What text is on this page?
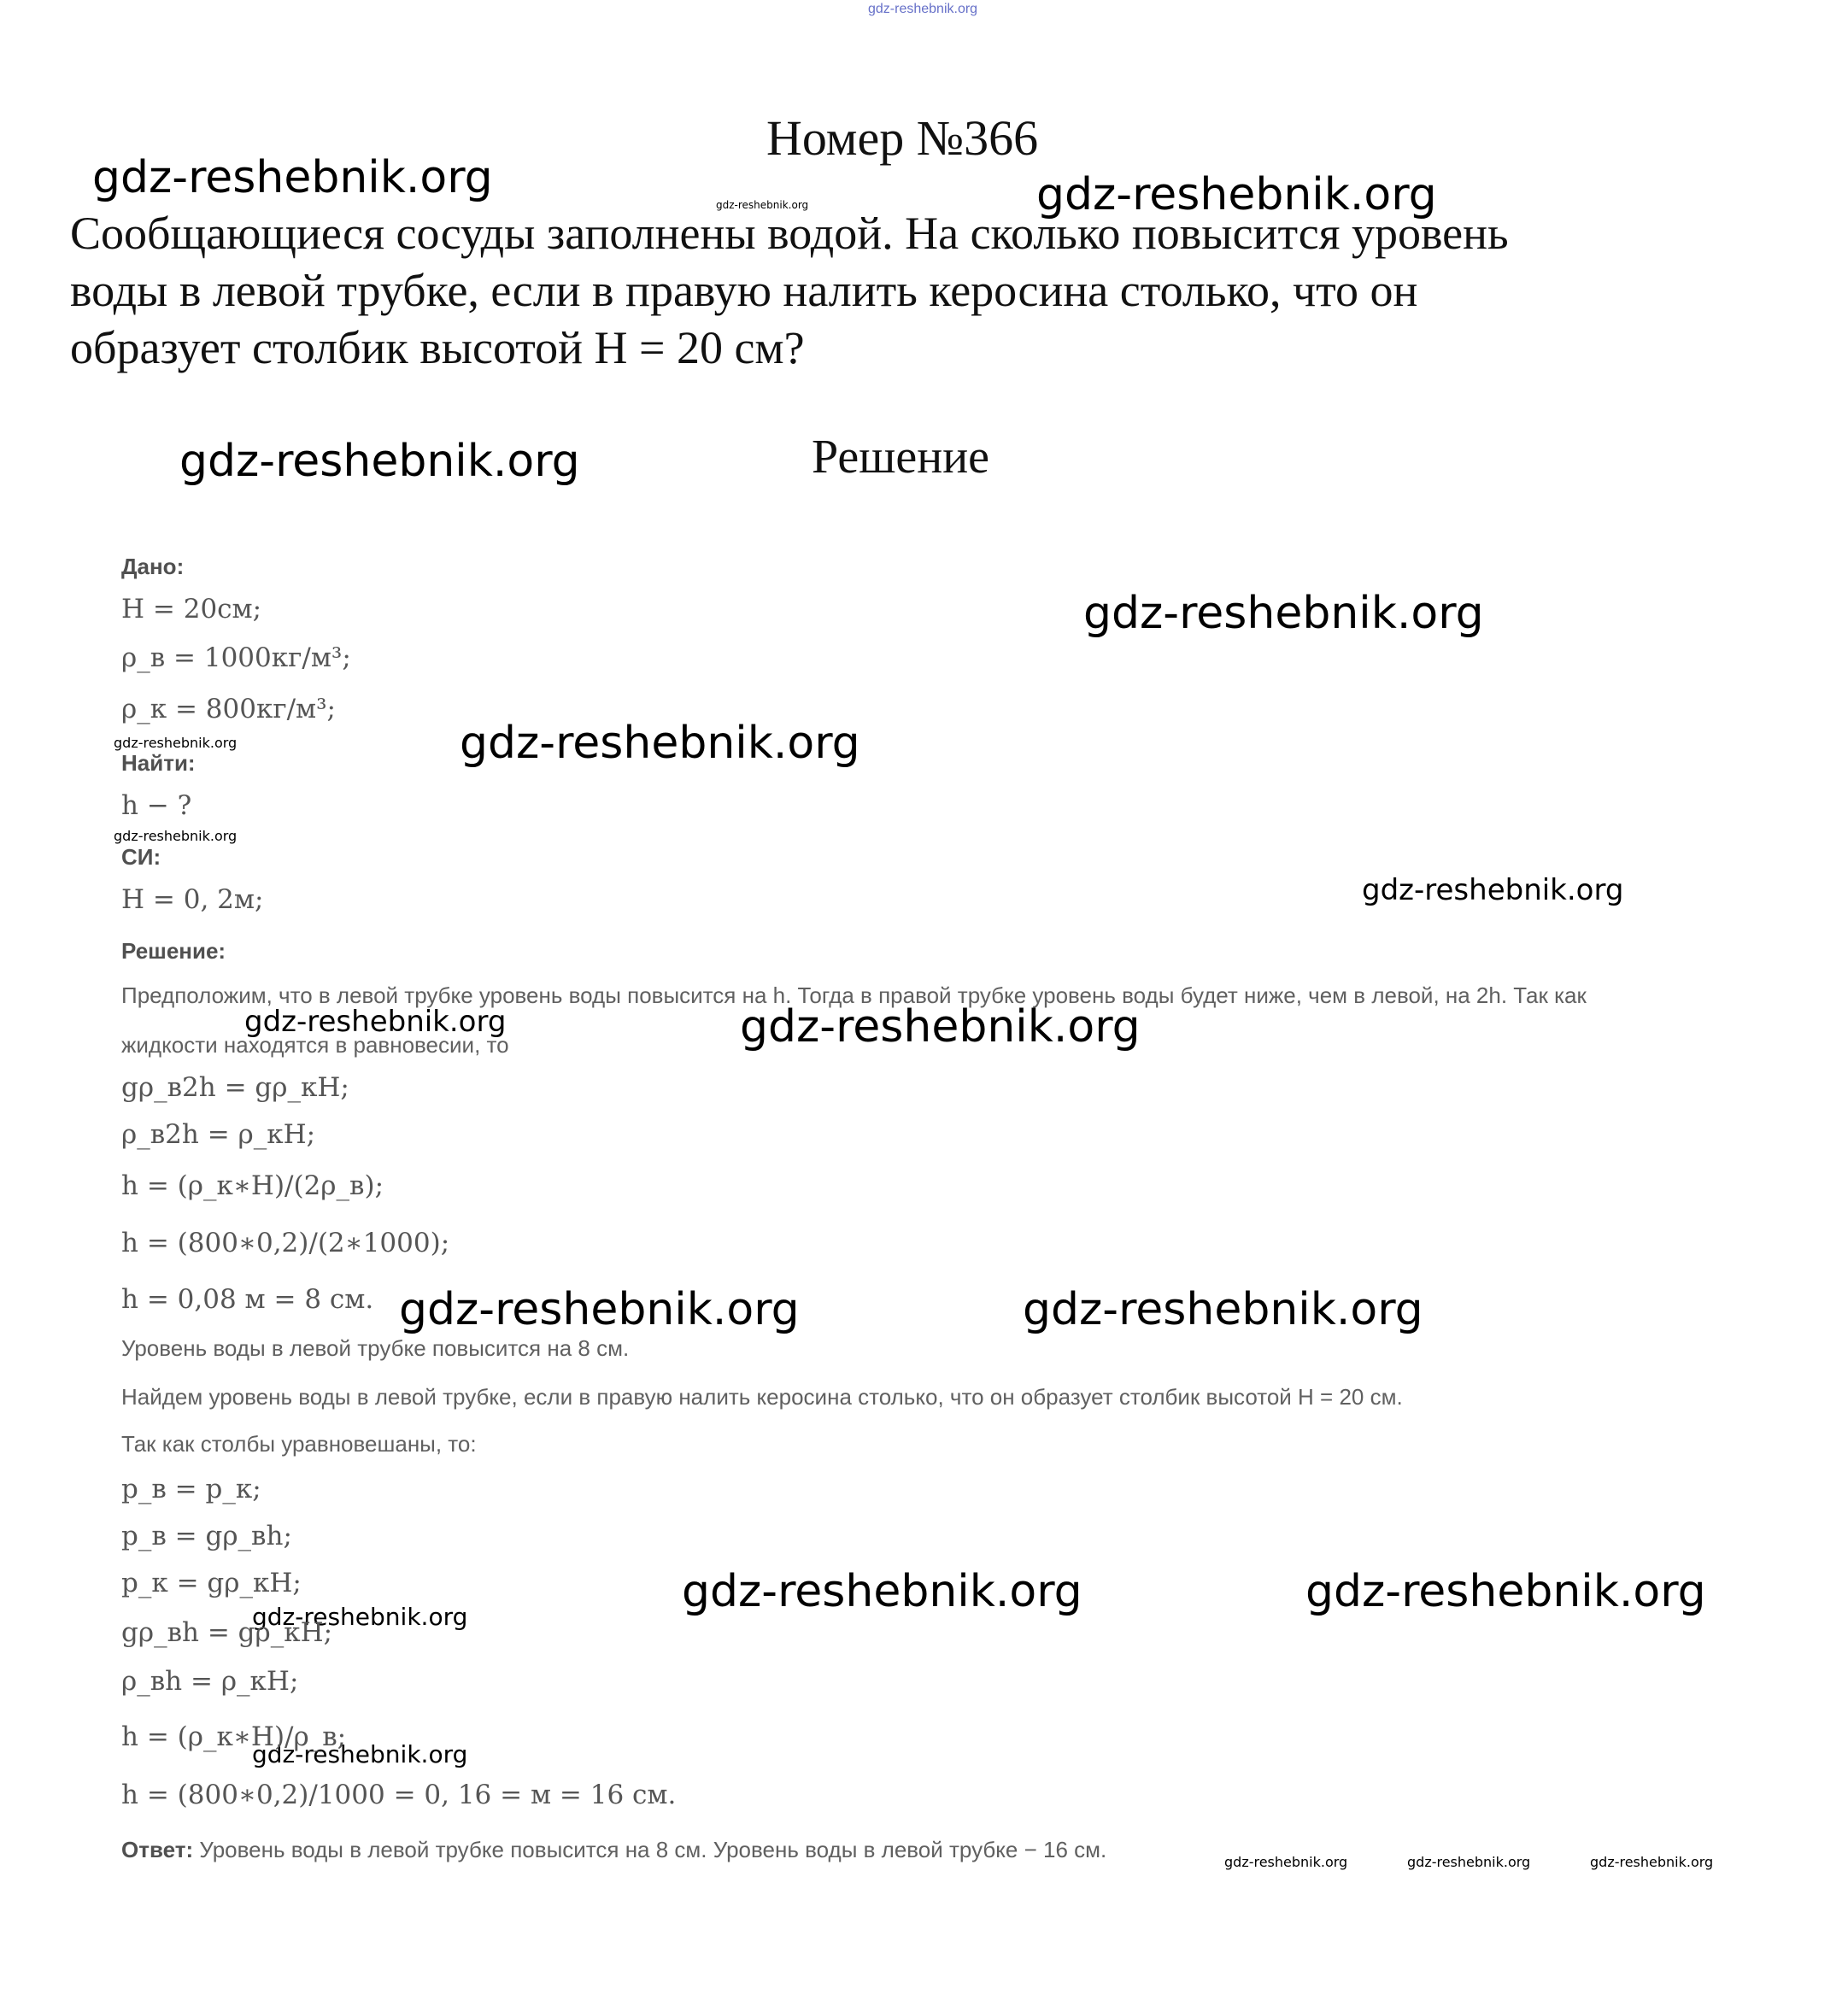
gdz-reshebnik.org
gdz-reshebnik.org
gdz-reshebnik.org	gdz-reshebnik.org
gdz-reshebnik.org
gdz-reshebnik.org
gdz-reshebnik.org	gdz-reshebnik.org
gdz-reshebnik.org
gdz-reshebnik.org
gdz-reshebnik.org	gdz-reshebnik.org
gdz-reshebnik.org	gdz-reshebnik.org
gdz-reshebnik.org	gdz-reshebnik.org
gdz-reshebnik.org
gdz-reshebnik.org
gdz-reshebnik.org	gdz-reshebnik.org	gdz-reshebnik.org
Номер №366
Сообщающиеся сосуды заполнены водой. На сколько повысится уровень
воды в левой трубке, если в правую налить керосина столько, что он
образует столбик высотой H = 20 см?
Решение
Дано:
H = 20см;
ρ_в = 1000кг/м³;
ρ_к = 800кг/м³;
Найти:
h − ?
СИ:
H = 0, 2м;
Решение:
Предположим, что в левой трубке уровень воды повысится на h. Тогда в правой трубке уровень воды будет ниже, чем в левой, на 2h. Так как
жидкости находятся в равновесии, то
gρ_в2h = gρ_кH;
ρ_в2h = ρ_кH;
h = (ρ_к∗H)/(2ρ_в);
h = (800∗0,2)/(2∗1000);
h = 0,08 м = 8 см.
Уровень воды в левой трубке повысится на 8 см.
Найдем уровень воды в левой трубке, если в правую налить керосина столько, что он образует столбик высотой H = 20 см.
Так как столбы уравновешаны, то:
p_в = p_к;
p_в = gρ_вh;
p_к = gρ_кH;
gρ_вh = gρ_кH;
ρ_вh = ρ_кH;
h = (ρ_к∗H)/ρ_в;
h = (800∗0,2)/1000 = 0, 16 = м = 16 см.
Ответ: Уровень воды в левой трубке повысится на 8 см. Уровень воды в левой трубке − 16 см.
